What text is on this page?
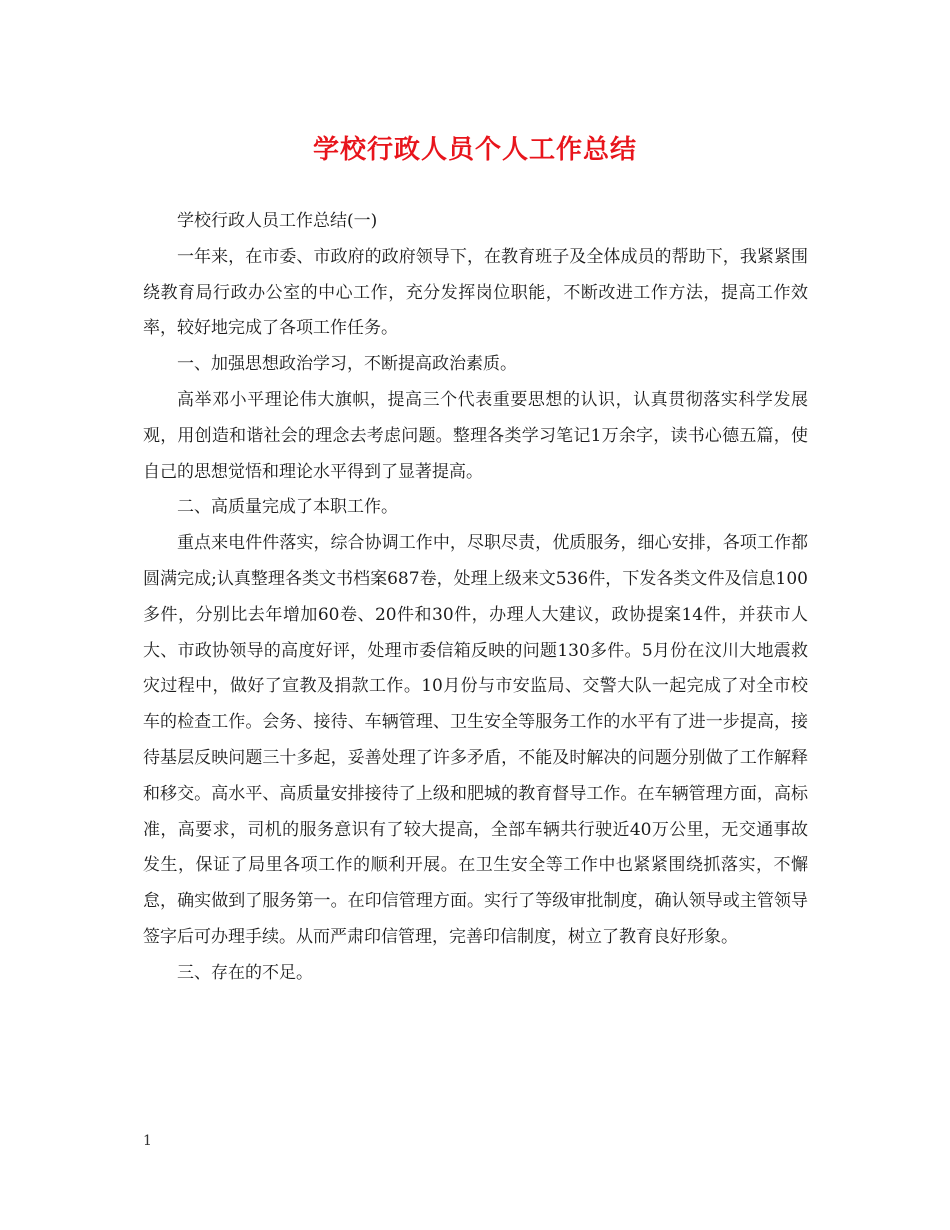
学校行政人员个人工作总结

学校行政人员工作总结(一)

一年来，在市委、市政府的政府领导下，在教育班子及全体成员的帮助下，我紧紧围绕教育局行政办公室的中心工作，充分发挥岗位职能，不断改进工作方法，提高工作效率，较好地完成了各项工作任务。

一、加强思想政治学习，不断提高政治素质。

高举邓小平理论伟大旗帜，提高三个代表重要思想的认识，认真贯彻落实科学发展观，用创造和谐社会的理念去考虑问题。整理各类学习笔记1万余字，读书心德五篇，使自己的思想觉悟和理论水平得到了显著提高。

二、高质量完成了本职工作。

重点来电件件落实，综合协调工作中，尽职尽责，优质服务，细心安排，各项工作都圆满完成;认真整理各类文书档案687卷，处理上级来文536件，下发各类文件及信息100多件，分别比去年增加60卷、20件和30件，办理人大建议，政协提案14件，并获市人大、市政协领导的高度好评，处理市委信箱反映的问题130多件。5月份在汶川大地震救灾过程中，做好了宣教及捐款工作。10月份与市安监局、交警大队一起完成了对全市校车的检查工作。会务、接待、车辆管理、卫生安全等服务工作的水平有了进一步提高，接待基层反映问题三十多起，妥善处理了许多矛盾，不能及时解决的问题分别做了工作解释和移交。高水平、高质量安排接待了上级和肥城的教育督导工作。在车辆管理方面，高标准，高要求，司机的服务意识有了较大提高，全部车辆共行驶近40万公里，无交通事故发生，保证了局里各项工作的顺利开展。在卫生安全等工作中也紧紧围绕抓落实，不懈怠，确实做到了服务第一。在印信管理方面。实行了等级审批制度，确认领导或主管领导签字后可办理手续。从而严肃印信管理，完善印信制度，树立了教育良好形象。

三、存在的不足。

1
